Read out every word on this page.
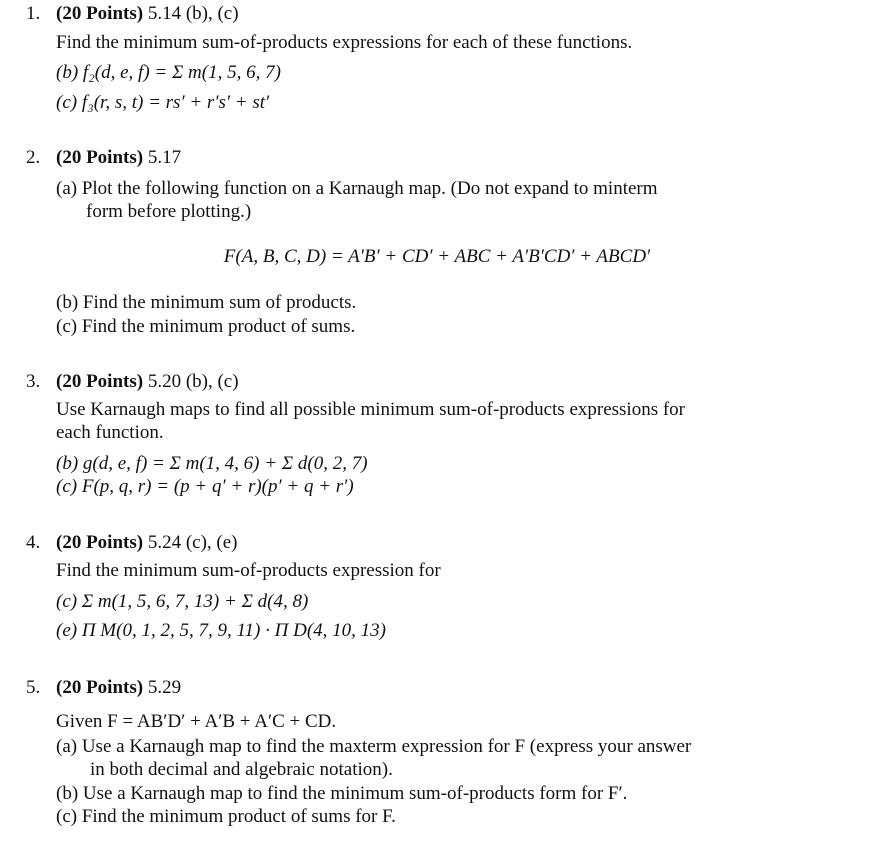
1. (20 Points) 5.14 (b), (c)
Find the minimum sum-of-products expressions for each of these functions.
(b) f₂(d, e, f) = Σ m(1, 5, 6, 7)
(c) f₃(r, s, t) = rs′ + r′s′ + st′
2. (20 Points) 5.17
(a) Plot the following function on a Karnaugh map. (Do not expand to minterm
form before plotting.)
F(A, B, C, D) = A′B′ + CD′ + ABC + A′B′CD′ + ABCD′
(b) Find the minimum sum of products.
(c) Find the minimum product of sums.
3. (20 Points) 5.20 (b), (c)
Use Karnaugh maps to find all possible minimum sum-of-products expressions for
each function.
(b) g(d, e, f) = Σ m(1, 4, 6) + Σ d(0, 2, 7)
(c) F(p, q, r) = (p + q′ + r)(p′ + q + r′)
4. (20 Points) 5.24 (c), (e)
Find the minimum sum-of-products expression for
(c) Σ m(1, 5, 6, 7, 13) + Σ d(4, 8)
(e) Π M(0, 1, 2, 5, 7, 9, 11) · Π D(4, 10, 13)
5. (20 Points) 5.29
Given F = AB′D′ + A′B + A′C + CD.
(a) Use a Karnaugh map to find the maxterm expression for F (express your answer
in both decimal and algebraic notation).
(b) Use a Karnaugh map to find the minimum sum-of-products form for F′.
(c) Find the minimum product of sums for F.
